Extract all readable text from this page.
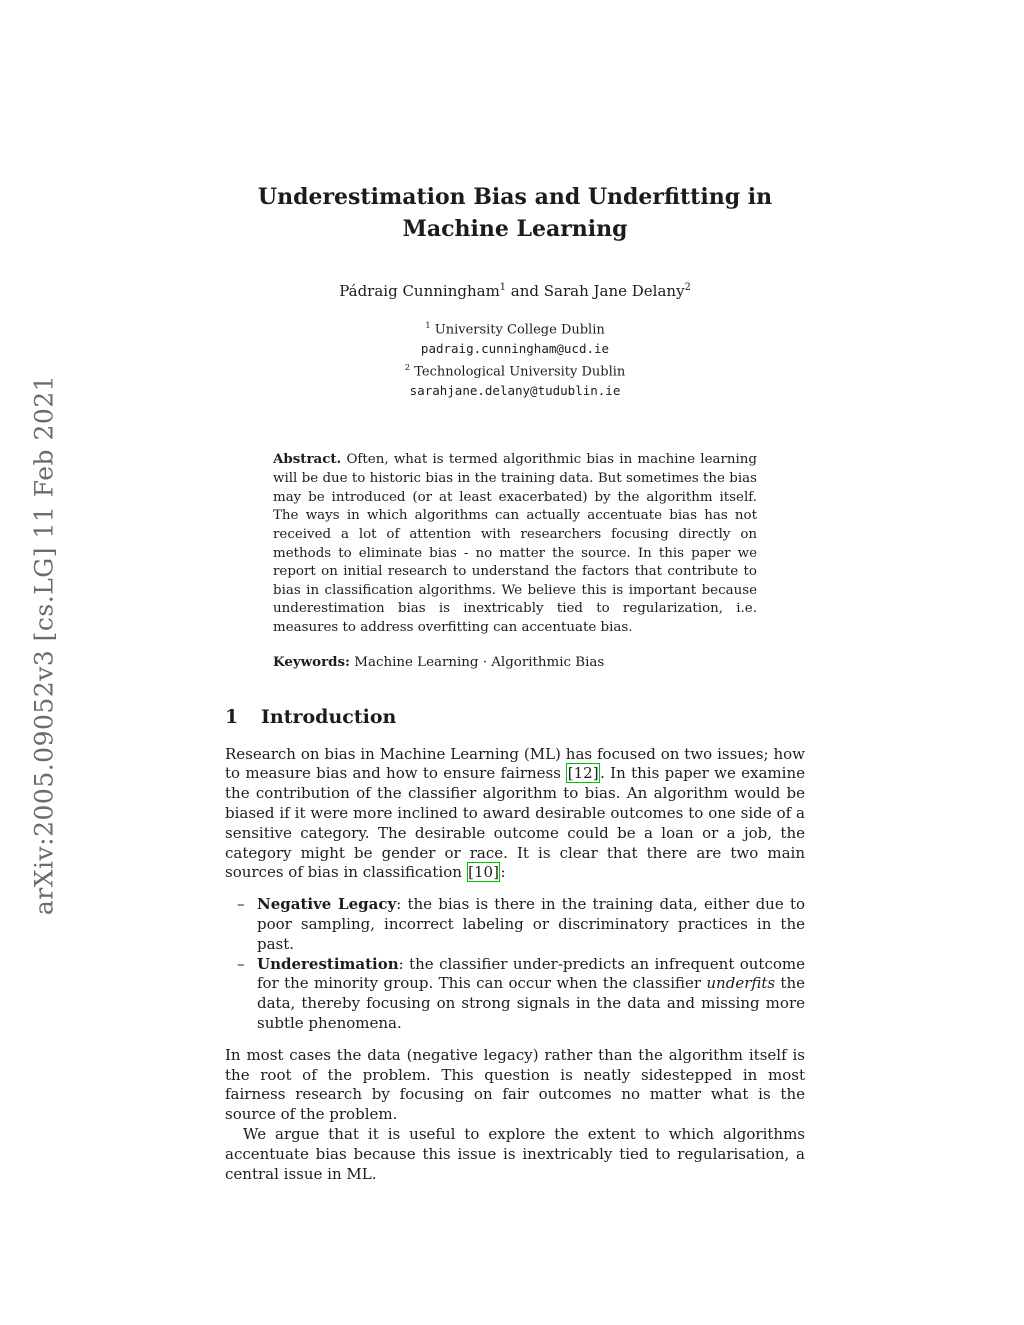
arXiv:2005.09052v3 [cs.LG] 11 Feb 2021
Underestimation Bias and Underfitting in Machine Learning
Pádraig Cunningham$^1$ and Sarah Jane Delany$^2$
$^1$ University College Dublin
padraig.cunningham@ucd.ie
$^2$ Technological University Dublin
sarahjane.delany@tudublin.ie
Abstract. Often, what is termed algorithmic bias in machine learning will be due to historic bias in the training data. But sometimes the bias may be introduced (or at least exacerbated) by the algorithm itself. The ways in which algorithms can actually accentuate bias has not received a lot of attention with researchers focusing directly on methods to eliminate bias - no matter the source. In this paper we report on initial research to understand the factors that contribute to bias in classification algorithms. We believe this is important because underestimation bias is inextricably tied to regularization, i.e. measures to address overfitting can accentuate bias.
Keywords: Machine Learning · Algorithmic Bias
1	Introduction
Research on bias in Machine Learning (ML) has focused on two issues; how to measure bias and how to ensure fairness [12] . In this paper we examine the contribution of the classifier algorithm to bias. An algorithm would be biased if it were more inclined to award desirable outcomes to one side of a sensitive category. The desirable outcome could be a loan or a job, the category might be gender or race. It is clear that there are two main sources of bias in classification [10] :
– Negative Legacy: the bias is there in the training data, either due to poor sampling, incorrect labeling or discriminatory practices in the past.
– Underestimation: the classifier under-predicts an infrequent outcome for the minority group. This can occur when the classifier underfits the data, thereby focusing on strong signals in the data and missing more subtle phenomena.
In most cases the data (negative legacy) rather than the algorithm itself is the root of the problem. This question is neatly sidestepped in most fairness research by focusing on fair outcomes no matter what is the source of the problem.
We argue that it is useful to explore the extent to which algorithms accentuate bias because this issue is inextricably tied to regularisation, a central issue in ML.
